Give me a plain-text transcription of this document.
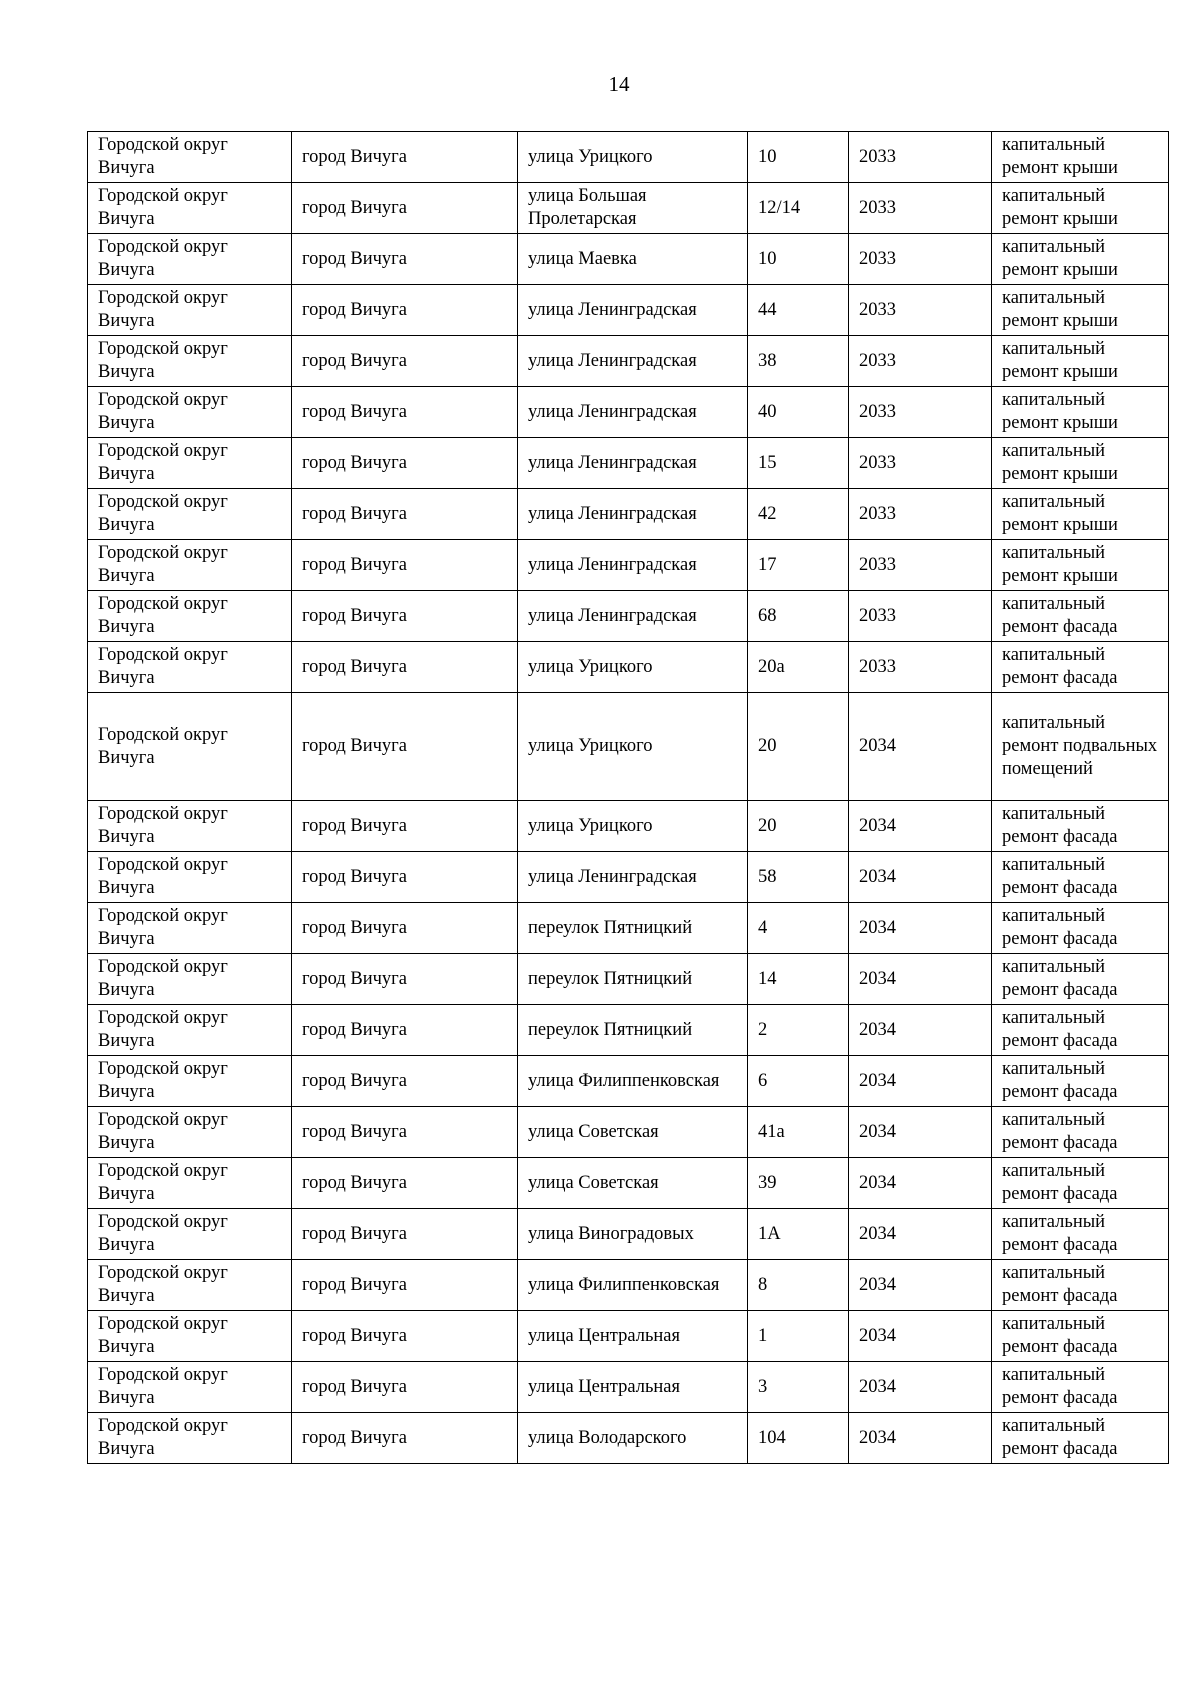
14
Городской округ Вичуга	город Вичуга	улица Урицкого	10	2033	капитальный ремонт крыши
Городской округ Вичуга	город Вичуга	улица Большая Пролетарская	12/14	2033	капитальный ремонт крыши
Городской округ Вичуга	город Вичуга	улица Маевка	10	2033	капитальный ремонт крыши
Городской округ Вичуга	город Вичуга	улица Ленинградская	44	2033	капитальный ремонт крыши
Городской округ Вичуга	город Вичуга	улица Ленинградская	38	2033	капитальный ремонт крыши
Городской округ Вичуга	город Вичуга	улица Ленинградская	40	2033	капитальный ремонт крыши
Городской округ Вичуга	город Вичуга	улица Ленинградская	15	2033	капитальный ремонт крыши
Городской округ Вичуга	город Вичуга	улица Ленинградская	42	2033	капитальный ремонт крыши
Городской округ Вичуга	город Вичуга	улица Ленинградская	17	2033	капитальный ремонт крыши
Городской округ Вичуга	город Вичуга	улица Ленинградская	68	2033	капитальный ремонт фасада
Городской округ Вичуга	город Вичуга	улица Урицкого	20а	2033	капитальный ремонт фасада
Городской округ Вичуга	город Вичуга	улица Урицкого	20	2034	капитальный ремонт подвальных помещений
Городской округ Вичуга	город Вичуга	улица Урицкого	20	2034	капитальный ремонт фасада
Городской округ Вичуга	город Вичуга	улица Ленинградская	58	2034	капитальный ремонт фасада
Городской округ Вичуга	город Вичуга	переулок Пятницкий	4	2034	капитальный ремонт фасада
Городской округ Вичуга	город Вичуга	переулок Пятницкий	14	2034	капитальный ремонт фасада
Городской округ Вичуга	город Вичуга	переулок Пятницкий	2	2034	капитальный ремонт фасада
Городской округ Вичуга	город Вичуга	улица Филиппенковская	6	2034	капитальный ремонт фасада
Городской округ Вичуга	город Вичуга	улица Советская	41а	2034	капитальный ремонт фасада
Городской округ Вичуга	город Вичуга	улица Советская	39	2034	капитальный ремонт фасада
Городской округ Вичуга	город Вичуга	улица Виноградовых	1А	2034	капитальный ремонт фасада
Городской округ Вичуга	город Вичуга	улица Филиппенковская	8	2034	капитальный ремонт фасада
Городской округ Вичуга	город Вичуга	улица Центральная	1	2034	капитальный ремонт фасада
Городской округ Вичуга	город Вичуга	улица Центральная	3	2034	капитальный ремонт фасада
Городской округ Вичуга	город Вичуга	улица Володарского	104	2034	капитальный ремонт фасада
